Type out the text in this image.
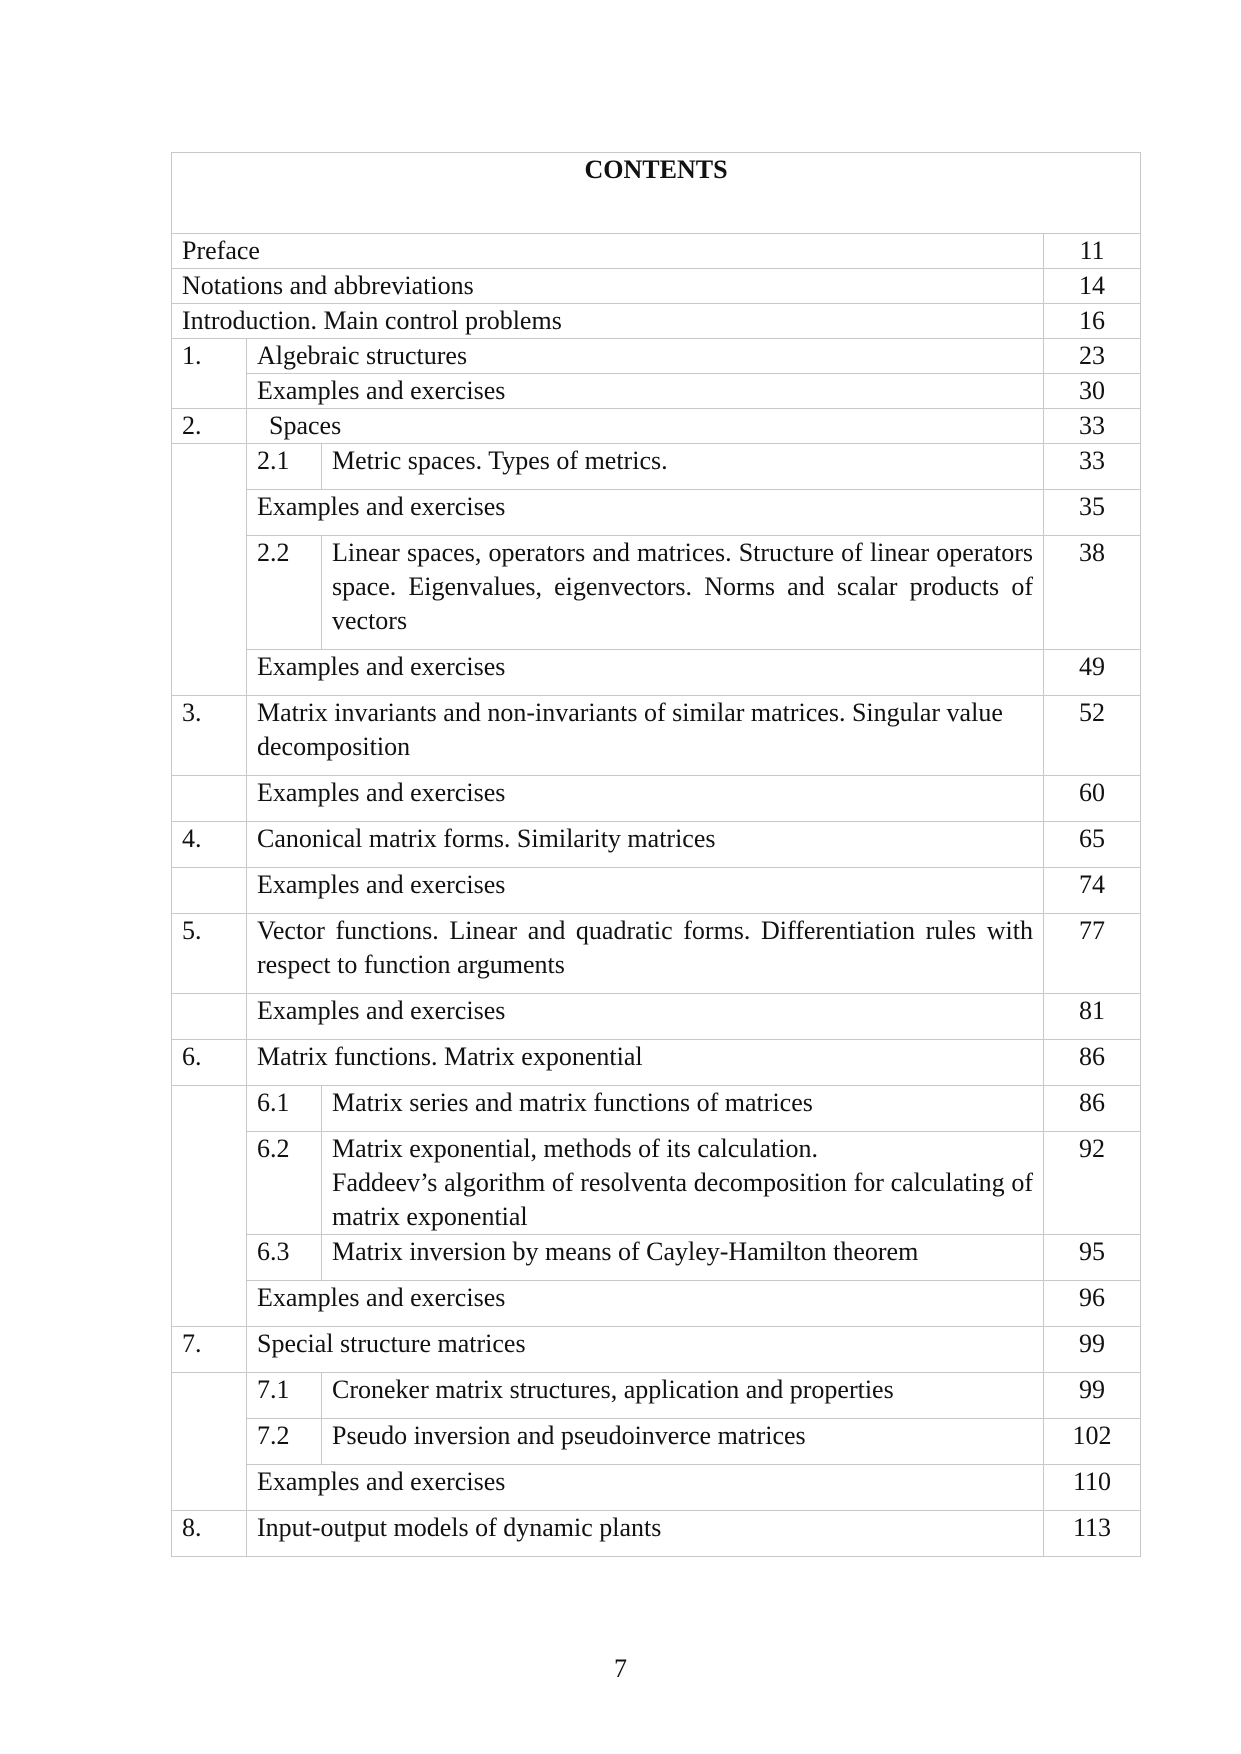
CONTENTS			
Preface			11
Notations and abbreviations			14
Introduction. Main control problems			16
1.	Algebraic structures		23
	Examples and exercises		30
2.	Spaces		33
	2.1	Metric spaces. Types of metrics.	33
	Examples and exercises		35
	2.2	Linear spaces, operators and matrices. Structure of linear operators space. Eigenvalues, eigenvectors. Norms and scalar products of vectors	38
	Examples and exercises		49
3.	Matrix invariants and non-invariants of similar matrices. Singular value decomposition		52
	Examples and exercises		60
4.	Canonical matrix forms. Similarity matrices		65
	Examples and exercises		74
5.	Vector functions. Linear and quadratic forms. Differentiation rules with respect to function arguments		77
	Examples and exercises		81
6.	Matrix functions. Matrix exponential		86
	6.1	Matrix series and matrix functions of matrices	86
	6.2	Matrix exponential, methods of its calculation.
Faddeev’s algorithm of resolventa decomposition for calculating of matrix exponential	92
	6.3	Matrix inversion by means of Cayley-Hamilton theorem	95
	Examples and exercises		96
7.	Special structure matrices		99
	7.1	Croneker matrix structures, application and properties	99
	7.2	Pseudo inversion and pseudoinverce matrices	102
	Examples and exercises		110
8.	Input-output models of dynamic plants		113
7
